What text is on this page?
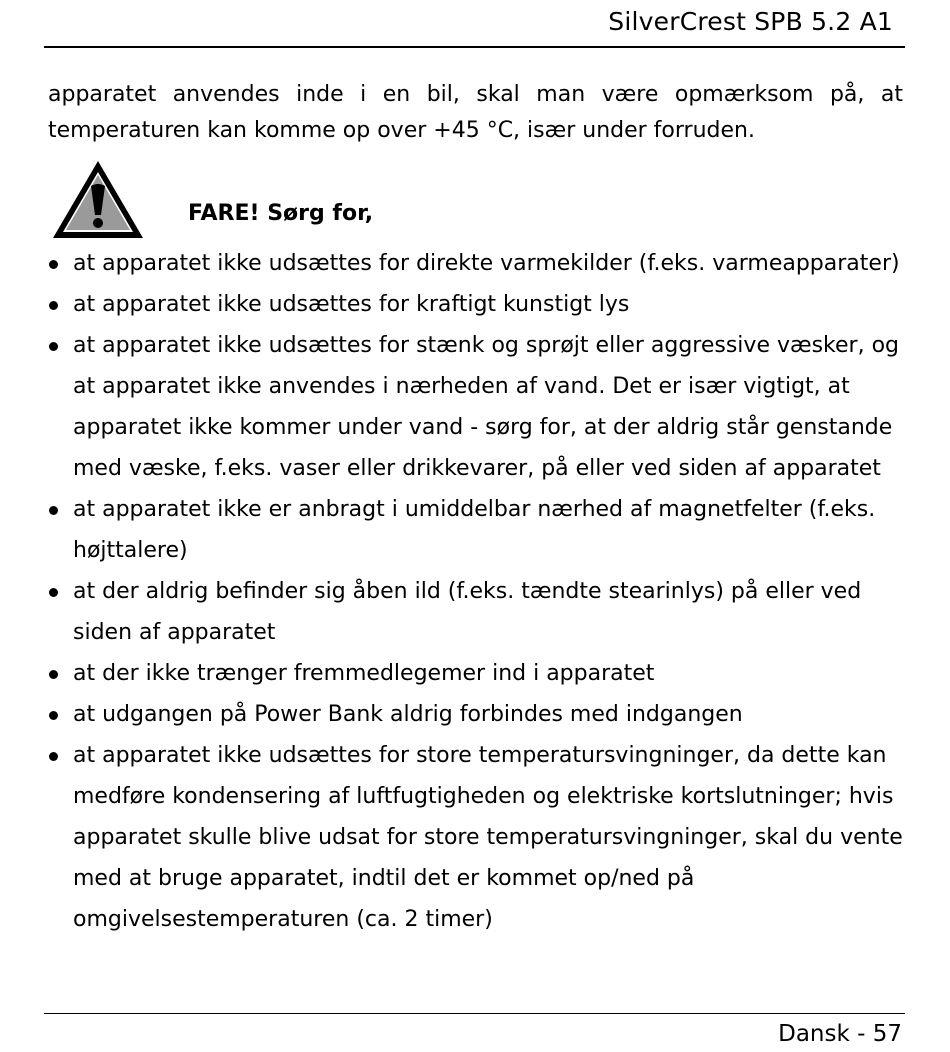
SilverCrest SPB 5.2 A1

apparatet anvendes inde i en bil, skal man være opmærksom på, at temperaturen kan komme op over +45 °C, især under forruden.

FARE! Sørg for,
at apparatet ikke udsættes for direkte varmekilder (f.eks. varmeapparater)
at apparatet ikke udsættes for kraftigt kunstigt lys
at apparatet ikke udsættes for stænk og sprøjt eller aggressive væsker, og at apparatet ikke anvendes i nærheden af vand. Det er især vigtigt, at apparatet ikke kommer under vand - sørg for, at der aldrig står genstande med væske, f.eks. vaser eller drikkevarer, på eller ved siden af apparatet
at apparatet ikke er anbragt i umiddelbar nærhed af magnetfelter (f.eks. højttalere)
at der aldrig befinder sig åben ild (f.eks. tændte stearinlys) på eller ved siden af apparatet
at der ikke trænger fremmedlegemer ind i apparatet
at udgangen på Power Bank aldrig forbindes med indgangen
at apparatet ikke udsættes for store temperatursvingninger, da dette kan medføre kondensering af luftfugtigheden og elektriske kortslutninger; hvis apparatet skulle blive udsat for store temperatursvingninger, skal du vente med at bruge apparatet, indtil det er kommet op/ned på omgivelsestemperaturen (ca. 2 timer)
Dansk - 57
